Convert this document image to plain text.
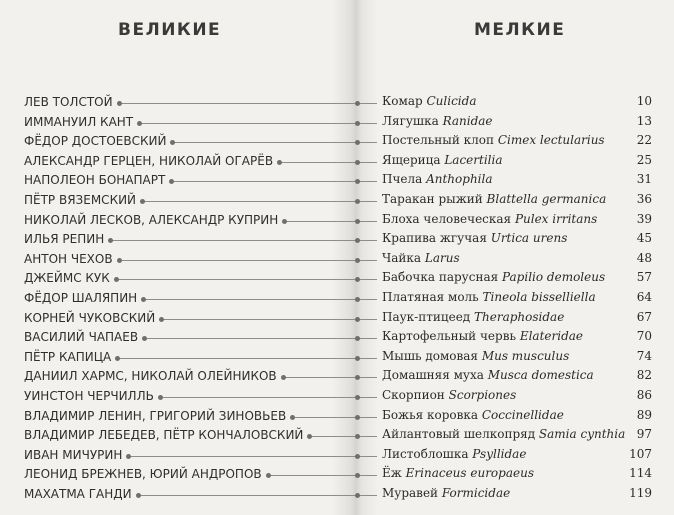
ВЕЛИКИЕ	МЕЛКИЕ
ЛЕВ ТОЛСТОЙ	Комар Culicida	10
ИММАНУИЛ КАНТ	Лягушка Ranidae	13
ФЁДОР ДОСТОЕВСКИЙ	Постельный клоп Cimex lectularius	22
АЛЕКСАНДР ГЕРЦЕН, НИКОЛАЙ ОГАРЁВ	Ящерица Lacertilia	25
НАПОЛЕОН БОНАПАРТ	Пчела Anthophila	31
ПЁТР ВЯЗЕМСКИЙ	Таракан рыжий Blattella germanica	36
НИКОЛАЙ ЛЕСКОВ, АЛЕКСАНДР КУПРИН	Блоха человеческая Pulex irritans	39
ИЛЬЯ РЕПИН	Крапива жгучая Urtica urens	45
АНТОН ЧЕХОВ	Чайка Larus	48
ДЖЕЙМС КУК	Бабочка парусная Papilio demoleus	57
ФЁДОР ШАЛЯПИН	Платяная моль Tineola bisselliella	64
КОРНЕЙ ЧУКОВСКИЙ	Паук-птицеед Theraphosidae	67
ВАСИЛИЙ ЧАПАЕВ	Картофельный червь Elateridae	70
ПЁТР КАПИЦА	Мышь домовая Mus musculus	74
ДАНИИЛ ХАРМС, НИКОЛАЙ ОЛЕЙНИКОВ	Домашняя муха Musca domestica	82
УИНСТОН ЧЕРЧИЛЛЬ	Скорпион Scorpiones	86
ВЛАДИМИР ЛЕНИН, ГРИГОРИЙ ЗИНОВЬЕВ	Божья коровка Coccinellidae	89
ВЛАДИМИР ЛЕБЕДЕВ, ПЁТР КОНЧАЛОВСКИЙ	Айлантовый шелкопряд Samia cynthia 97
ИВАН МИЧУРИН	Листоблошка Psyllidae	107
ЛЕОНИД БРЕЖНЕВ, ЮРИЙ АНДРОПОВ	Ёж Erinaceus europaeus	114
МАХАТМА ГАНДИ	Муравей Formicidae	119
